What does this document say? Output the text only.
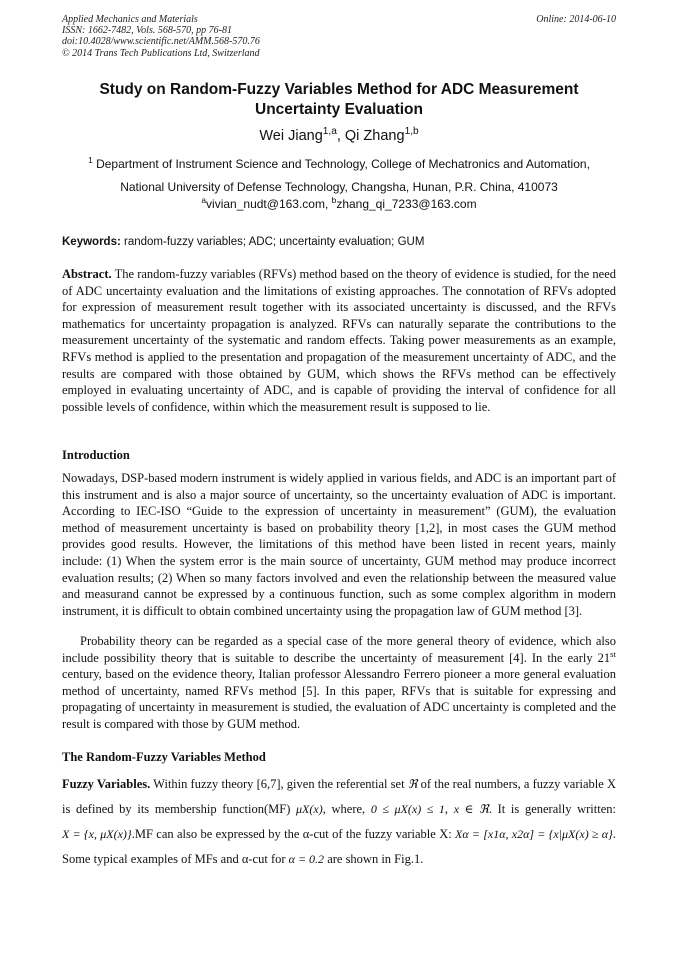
Applied Mechanics and Materials
ISSN: 1662-7482, Vols. 568-570, pp 76-81
doi:10.4028/www.scientific.net/AMM.568-570.76
© 2014 Trans Tech Publications Ltd, Switzerland
Online: 2014-06-10
Study on Random-Fuzzy Variables Method for ADC Measurement Uncertainty Evaluation
Wei Jiang$^{1,a}$, Qi Zhang$^{1,b}$
$^1$ Department of Instrument Science and Technology, College of Mechatronics and Automation,
National University of Defense Technology, Changsha, Hunan, P.R. China, 410073
$^a$vivian_nudt@163.com, $^b$zhang_qi_7233@163.com
Keywords: random-fuzzy variables; ADC; uncertainty evaluation; GUM
Abstract. The random-fuzzy variables (RFVs) method based on the theory of evidence is studied, for the need of ADC uncertainty evaluation and the limitations of existing approaches. The connotation of RFVs adopted for expression of measurement result together with its associated uncertainty is discussed, and the RFVs mathematics for uncertainty propagation is analyzed. RFVs can naturally separate the contributions to the measurement uncertainty of the systematic and random effects. Taking power measurements as an example, RFVs method is applied to the presentation and propagation of the measurement uncertainty of ADC, and the results are compared with those obtained by GUM, which shows the RFVs method can be effectively employed in evaluating uncertainty of ADC, and is capable of providing the interval of confidence for all possible levels of confidence, within which the measurement result is supposed to lie.
Introduction
Nowadays, DSP-based modern instrument is widely applied in various fields, and ADC is an important part of this instrument and is also a major source of uncertainty, so the uncertainty evaluation of ADC is important. According to IEC-ISO “Guide to the expression of uncertainty in measurement” (GUM), the evaluation method of measurement uncertainty is based on probability theory [1,2], in most cases the GUM method provides good results. However, the limitations of this method have been listed in recent years, mainly include: (1) When the system error is the main source of uncertainty, GUM method may produce incorrect evaluation results; (2) When so many factors involved and even the relationship between the measured value and measurand cannot be expressed by a continuous function, such as some complex algorithm in modern instrument, it is difficult to obtain combined uncertainty using the propagation law of GUM method [3].
Probability theory can be regarded as a special case of the more general theory of evidence, which also include possibility theory that is suitable to describe the uncertainty of measurement [4]. In the early 21st century, based on the evidence theory, Italian professor Alessandro Ferrero pioneer a more general evaluation method of uncertainty, named RFVs method [5]. In this paper, RFVs that is suitable for expressing and propagating of uncertainty in measurement is studied, the evaluation of ADC uncertainty is completed and the result is compared with those by GUM method.
The Random-Fuzzy Variables Method
Fuzzy Variables. Within fuzzy theory [6,7], given the referential set ℜ of the real numbers, a fuzzy variable X is defined by its membership function(MF) μX(x), where, 0 ≤ μX(x) ≤ 1, x ∈ ℜ. It is generally written: X = {x, μX(x)}.MF can also be expressed by the α-cut of the fuzzy variable X: Xα = [x1α, x2α] = {x|μX(x) ≥ α}. Some typical examples of MFs and α-cut for α = 0.2 are shown in Fig.1.
